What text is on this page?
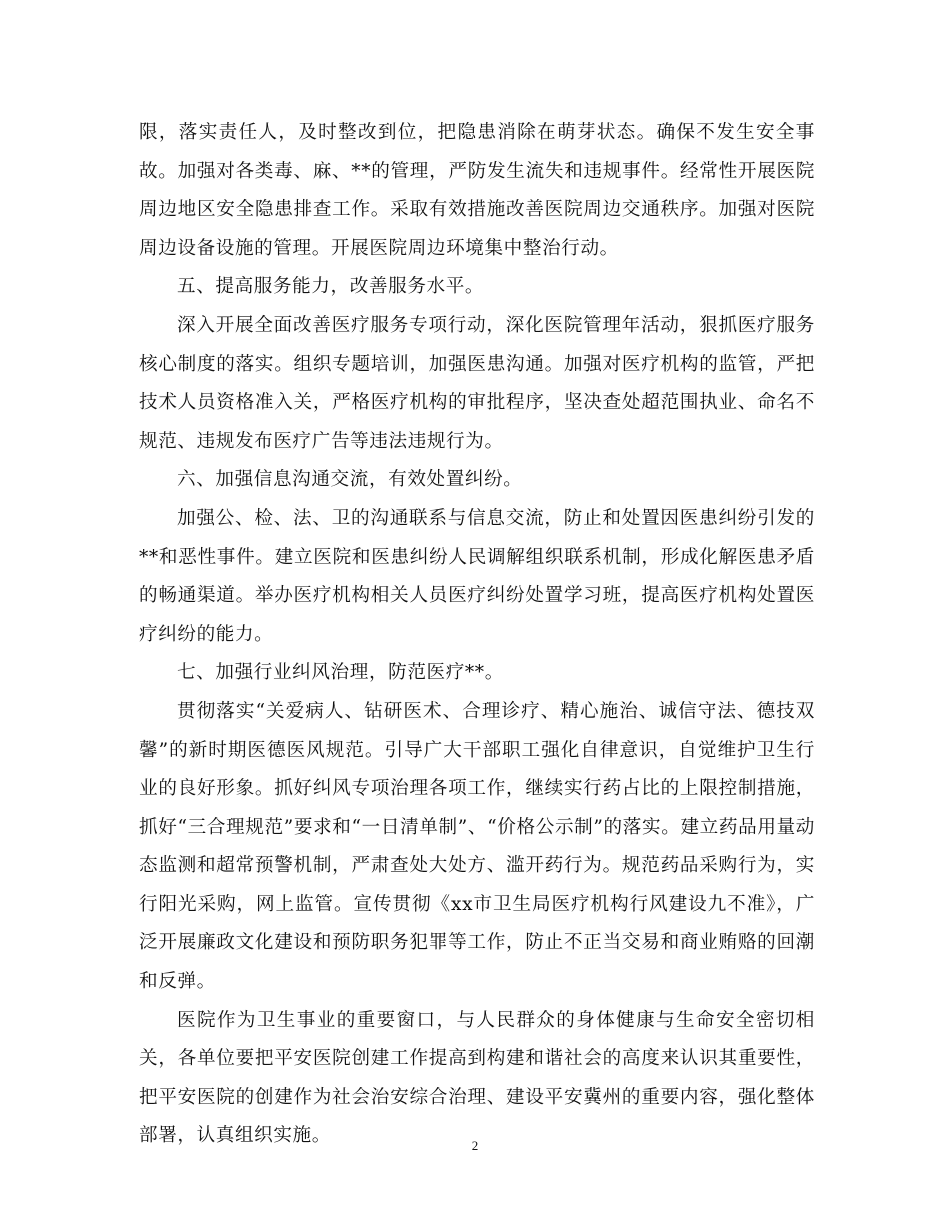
限，落实责任人，及时整改到位，把隐患消除在萌芽状态。确保不发生安全事故。加强对各类毒、麻、**的管理，严防发生流失和违规事件。经常性开展医院周边地区安全隐患排查工作。采取有效措施改善医院周边交通秩序。加强对医院周边设备设施的管理。开展医院周边环境集中整治行动。

五、提高服务能力，改善服务水平。

深入开展全面改善医疗服务专项行动，深化医院管理年活动，狠抓医疗服务核心制度的落实。组织专题培训，加强医患沟通。加强对医疗机构的监管，严把技术人员资格准入关，严格医疗机构的审批程序，坚决查处超范围执业、命名不规范、违规发布医疗广告等违法违规行为。

六、加强信息沟通交流，有效处置纠纷。

加强公、检、法、卫的沟通联系与信息交流，防止和处置因医患纠纷引发的**和恶性事件。建立医院和医患纠纷人民调解组织联系机制，形成化解医患矛盾的畅通渠道。举办医疗机构相关人员医疗纠纷处置学习班，提高医疗机构处置医疗纠纷的能力。

七、加强行业纠风治理，防范医疗**。

贯彻落实“关爱病人、钻研医术、合理诊疗、精心施治、诚信守法、德技双馨”的新时期医德医风规范。引导广大干部职工强化自律意识，自觉维护卫生行业的良好形象。抓好纠风专项治理各项工作，继续实行药占比的上限控制措施，抓好“三合理规范”要求和“一日清单制”、“价格公示制”的落实。建立药品用量动态监测和超常预警机制，严肃查处大处方、滥开药行为。规范药品采购行为，实行阳光采购，网上监管。宣传贯彻《xx市卫生局医疗机构行风建设九不准》，广泛开展廉政文化建设和预防职务犯罪等工作，防止不正当交易和商业贿赂的回潮和反弹。

医院作为卫生事业的重要窗口，与人民群众的身体健康与生命安全密切相关，各单位要把平安医院创建工作提高到构建和谐社会的高度来认识其重要性，把平安医院的创建作为社会治安综合治理、建设平安冀州的重要内容，强化整体部署，认真组织实施。	2
